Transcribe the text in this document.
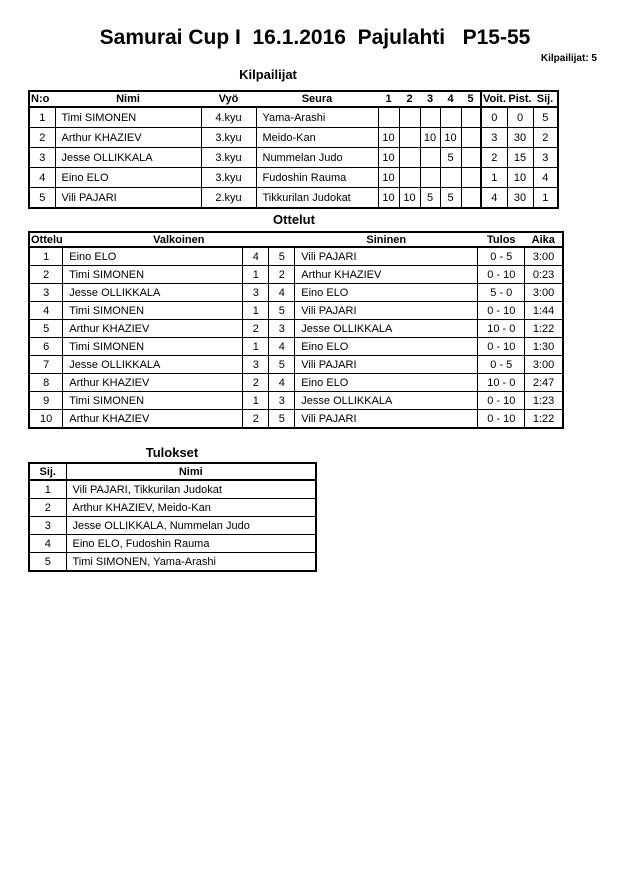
Samurai Cup I  16.1.2016  Pajulahti   P15-55
Kilpailijat: 5
Kilpailijat
N:o	Nimi	Vyö	Seura	1	2	3	4	5	Voit.	Pist.	Sij.
1	Timi SIMONEN	4.kyu	Yama-Arashi						0	0	5
2	Arthur KHAZIEV	3.kyu	Meido-Kan	10		10	10		3	30	2
3	Jesse OLLIKKALA	3.kyu	Nummelan Judo	10			5		2	15	3
4	Eino ELO	3.kyu	Fudoshin Rauma	10					1	10	4
5	Vili PAJARI	2.kyu	Tikkurilan Judokat	10	10	5	5		4	30	1
Ottelut
Ottelu	Valkoinen			Sininen	Tulos	Aika
1	Eino ELO	4	5	Vili PAJARI	0 - 5	3:00
2	Timi SIMONEN	1	2	Arthur KHAZIEV	0 - 10	0:23
3	Jesse OLLIKKALA	3	4	Eino ELO	5 - 0	3:00
4	Timi SIMONEN	1	5	Vili PAJARI	0 - 10	1:44
5	Arthur KHAZIEV	2	3	Jesse OLLIKKALA	10 - 0	1:22
6	Timi SIMONEN	1	4	Eino ELO	0 - 10	1:30
7	Jesse OLLIKKALA	3	5	Vili PAJARI	0 - 5	3:00
8	Arthur KHAZIEV	2	4	Eino ELO	10 - 0	2:47
9	Timi SIMONEN	1	3	Jesse OLLIKKALA	0 - 10	1:23
10	Arthur KHAZIEV	2	5	Vili PAJARI	0 - 10	1:22
Tulokset
Sij.	Nimi
1	Vili PAJARI, Tikkurilan Judokat
2	Arthur KHAZIEV, Meido-Kan
3	Jesse OLLIKKALA, Nummelan Judo
4	Eino ELO, Fudoshin Rauma
5	Timi SIMONEN, Yama-Arashi
